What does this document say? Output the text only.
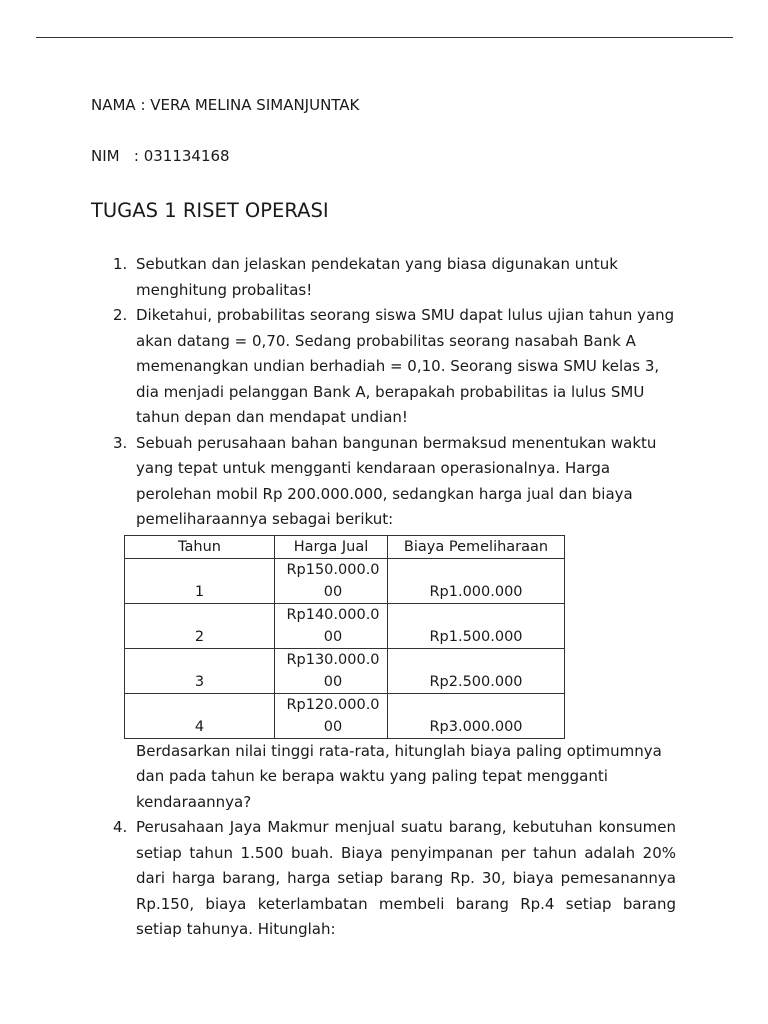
NAMA : VERA MELINA SIMANJUNTAK
NIM   : 031134168
TUGAS 1 RISET OPERASI
1. Sebutkan dan jelaskan pendekatan yang biasa digunakan untuk menghitung probalitas!
2. Diketahui, probabilitas seorang siswa SMU dapat lulus ujian tahun yang akan datang = 0,70. Sedang probabilitas seorang nasabah Bank A memenangkan undian berhadiah = 0,10. Seorang siswa SMU kelas 3, dia menjadi pelanggan Bank A, berapakah probabilitas ia lulus SMU tahun depan dan mendapat undian!
3. Sebuah perusahaan bahan bangunan bermaksud menentukan waktu yang tepat untuk mengganti kendaraan operasionalnya. Harga perolehan mobil Rp 200.000.000, sedangkan harga jual dan biaya pemeliharaannya sebagai berikut:
Tahun	Harga Jual	Biaya Pemeliharaan
1	Rp150.000.000	Rp1.000.000
2	Rp140.000.000	Rp1.500.000
3	Rp130.000.000	Rp2.500.000
4	Rp120.000.000	Rp3.000.000
Berdasarkan nilai tinggi rata-rata, hitunglah biaya paling optimumnya dan pada tahun ke berapa waktu yang paling tepat mengganti kendaraannya?
4. Perusahaan Jaya Makmur menjual suatu barang, kebutuhan konsumen setiap tahun 1.500 buah. Biaya penyimpanan per tahun adalah 20% dari harga barang, harga setiap barang Rp. 30, biaya pemesanannya Rp.150, biaya keterlambatan membeli barang Rp.4 setiap barang setiap tahunya. Hitunglah:
